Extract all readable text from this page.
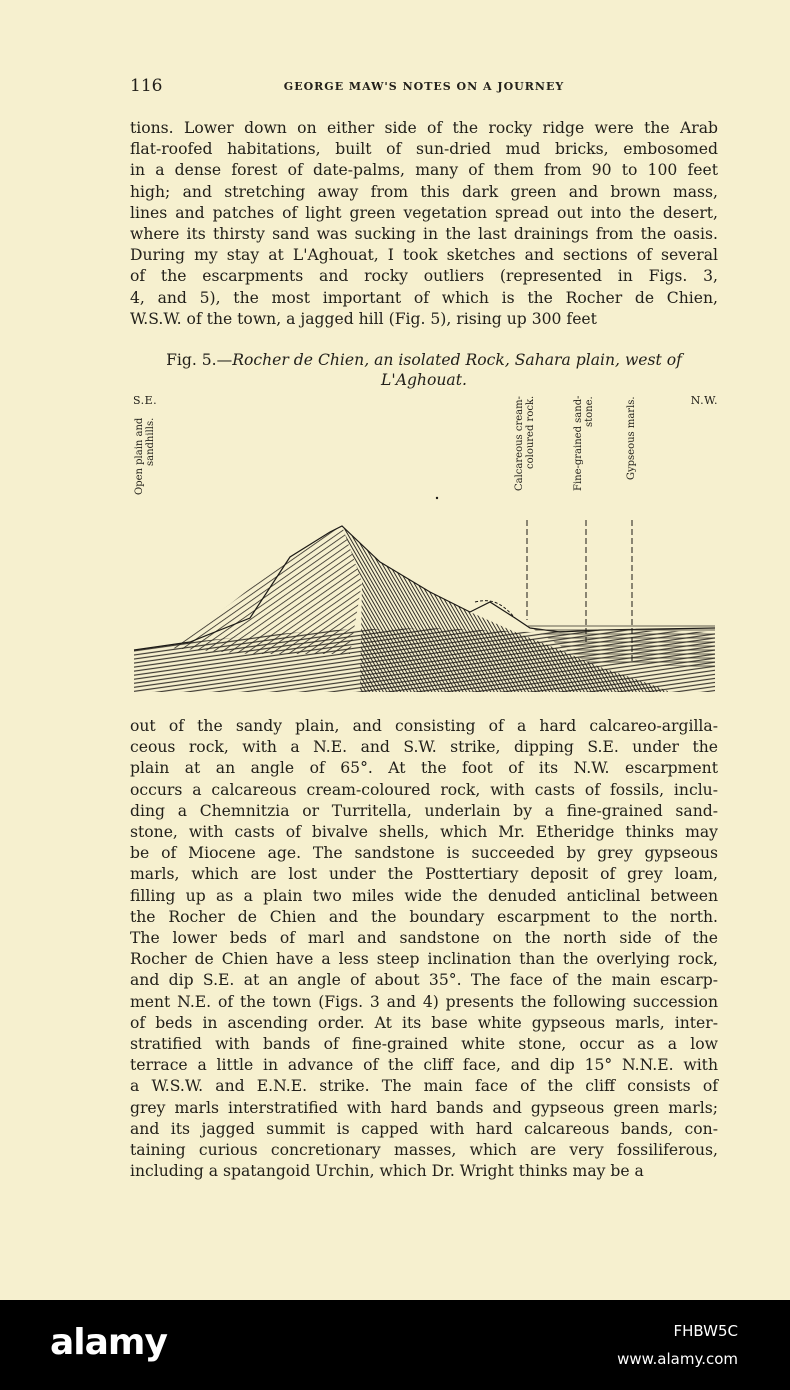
116	GEORGE MAW'S NOTES ON A JOURNEY

tions. Lower down on either side of the rocky ridge were the Arab
flat-roofed habitations, built of sun-dried mud bricks, embosomed
in a dense forest of date-palms, many of them from 90 to 100 feet
high; and stretching away from this dark green and brown mass,
lines and patches of light green vegetation spread out into the desert,
where its thirsty sand was sucking in the last drainings from the oasis.
During my stay at L'Aghouat, I took sketches and sections of several
of the escarpments and rocky outliers (represented in Figs. 3,
4, and 5), the most important of which is the Rocher de Chien,
W.S.W. of the town, a jagged hill (Fig. 5), rising up 300 feet

Fig. 5.—Rocher de Chien, an isolated Rock, Sahara plain, west of
L'Aghouat.
S.E.	N.W.
Open plain and
sandhills.	Calcareous cream-
coloured rock.
Fine-grained sand-
stone.	Gypseous marls.

out of the sandy plain, and consisting of a hard calcareo-argilla-
ceous rock, with a N.E. and S.W. strike, dipping S.E. under the
plain at an angle of 65°. At the foot of its N.W. escarpment
occurs a calcareous cream-coloured rock, with casts of fossils, inclu-
ding a Chemnitzia or Turritella, underlain by a fine-grained sand-
stone, with casts of bivalve shells, which Mr. Etheridge thinks may
be of Miocene age. The sandstone is succeeded by grey gypseous
marls, which are lost under the Posttertiary deposit of grey loam,
filling up as a plain two miles wide the denuded anticlinal between
the Rocher de Chien and the boundary escarpment to the north.
The lower beds of marl and sandstone on the north side of the
Rocher de Chien have a less steep inclination than the overlying rock,
and dip S.E. at an angle of about 35°. The face of the main escarp-
ment N.E. of the town (Figs. 3 and 4) presents the following succession
of beds in ascending order. At its base white gypseous marls, inter-
stratified with bands of fine-grained white stone, occur as a low
terrace a little in advance of the cliff face, and dip 15° N.N.E. with
a W.S.W. and E.N.E. strike. The main face of the cliff consists of
grey marls interstratified with hard bands and gypseous green marls;
and its jagged summit is capped with hard calcareous bands, con-
taining curious concretionary masses, which are very fossiliferous,
including a spatangoid Urchin, which Dr. Wright thinks may be a

alamy	FHBW5C
www.alamy.com
